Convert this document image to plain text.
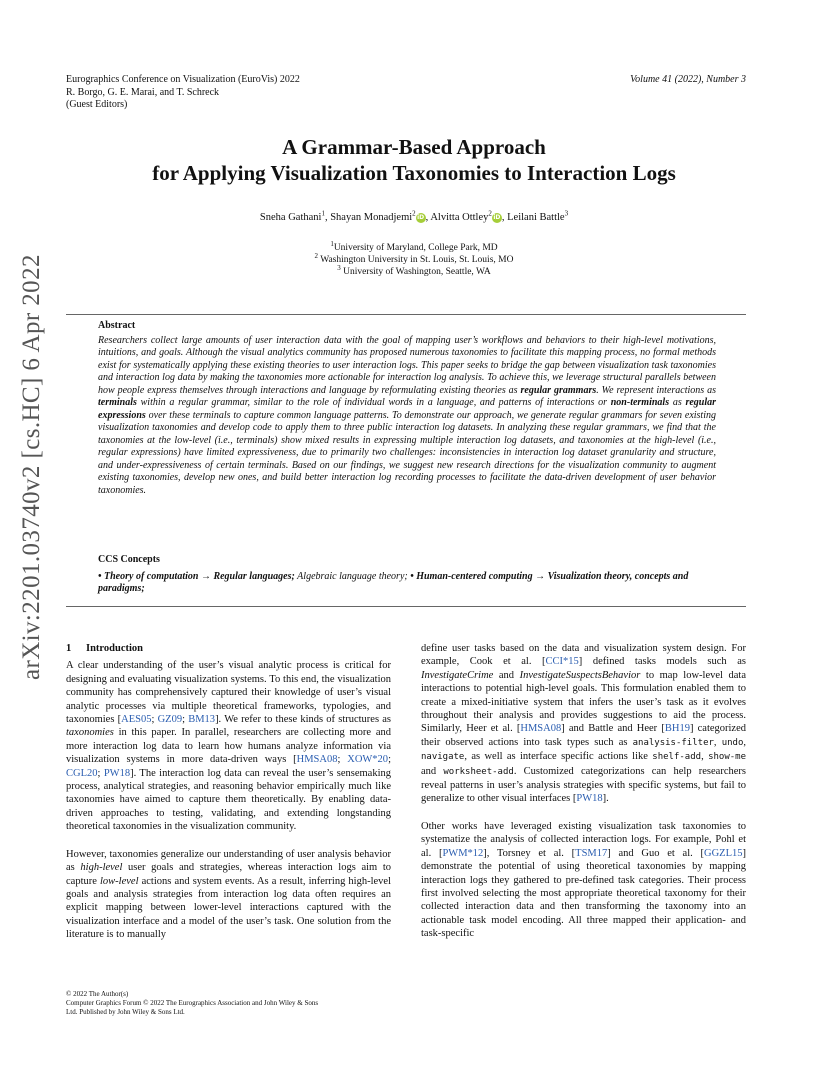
Eurographics Conference on Visualization (EuroVis) 2022
R. Borgo, G. E. Marai, and T. Schreck
(Guest Editors)
Volume 41 (2022), Number 3
A Grammar-Based Approach
for Applying Visualization Taxonomies to Interaction Logs
Sneha Gathani$^1$, Shayan Monadjemi$^2$iD, Alvitta Ottley$^2$iD, Leilani Battle$^3$
$^1$University of Maryland, College Park, MD
$^2$ Washington University in St. Louis, St. Louis, MO
$^3$ University of Washington, Seattle, WA
arXiv:2201.03740v2 [cs.HC] 6 Apr 2022	Abstract

Researchers collect large amounts of user interaction data with the goal of mapping user’s workflows and behaviors to their high-level motivations, intuitions, and goals. Although the visual analytics community has proposed numerous taxonomies to facilitate this mapping process, no formal methods exist for systematically applying these existing theories to user interaction logs. This paper seeks to bridge the gap between visualization task taxonomies and interaction log data by making the taxonomies more actionable for interaction log analysis. To achieve this, we leverage structural parallels between how people express themselves through interactions and language by reformulating existing theories as regular grammars. We represent interactions as terminals within a regular grammar, similar to the role of individual words in a language, and patterns of interactions or non-terminals as regular expressions over these terminals to capture common language patterns. To demonstrate our approach, we generate regular grammars for seven existing visualization taxonomies and develop code to apply them to three public interaction log datasets. In analyzing these regular grammars, we find that the taxonomies at the low-level (i.e., terminals) show mixed results in expressing multiple interaction log datasets, and taxonomies at the high-level (i.e., regular expressions) have limited expressiveness, due to primarily two challenges: inconsistencies in interaction log dataset granularity and structure, and under-expressiveness of certain terminals. Based on our findings, we suggest new research directions for the visualization community to augment existing taxonomies, develop new ones, and build better interaction log recording processes to facilitate the data-driven development of user behavior taxonomies.

CCS Concepts

• Theory of computation → Regular languages; Algebraic language theory; • Human-centered computing → Visualization theory, concepts and paradigms;

1 Introduction

A clear understanding of the user’s visual analytic process is critical for designing and evaluating visualization systems. To this end, the visualization community has comprehensively captured their knowledge of user’s visual analytic processes via multiple theoretical frameworks, typologies, and taxonomies [AES05; GZ09; BM13]. We refer to these kinds of structures as taxonomies in this paper. In parallel, researchers are collecting more and more interaction log data to learn how humans analyze information via visualization systems in more data-driven ways [HMSA08; XOW*20; CGL20; PW18]. The interaction log data can reveal the user’s sensemaking process, analytical strategies, and reasoning behavior empirically much like taxonomies have aimed to capture them theoretically. By enabling data-driven approaches to testing, validating, and extending longstanding theoretical taxonomies in the visualization community.

However, taxonomies generalize our understanding of user analysis behavior as high-level user goals and strategies, whereas interaction logs aim to capture low-level actions and system events. As a result, inferring high-level goals and analysis strategies from interaction log data often requires an explicit mapping between lower-level interactions captured with the visualization interface and a model of the user’s task. One solution from the literature is to manually

define user tasks based on the data and visualization system design. For example, Cook et al. [CCI*15] defined tasks models such as InvestigateCrime and InvestigateSuspectsBehavior to map low-level data interactions to potential high-level goals. This formulation enabled them to create a mixed-initiative system that infers the user’s task as it evolves throughout their analysis and provides suggestions to aid the process. Similarly, Heer et al. [HMSA08] and Battle and Heer [BH19] categorized their observed actions into task types such as analysis-filter, undo, navigate, as well as interface specific actions like shelf-add, show-me and worksheet-add. Customized categorizations can help researchers reveal patterns in user’s analysis strategies with specific systems, but fail to generalize to other visual interfaces [PW18].

Other works have leveraged existing visualization task taxonomies to systematize the analysis of collected interaction logs. For example, Pohl et al. [PWM*12], Torsney et al. [TSM17] and Guo et al. [GGZL15] demonstrate the potential of using theoretical taxonomies by mapping interaction logs they gathered to pre-defined task categories. Their process first involved selecting the most appropriate theoretical taxonomy for their collected interaction data and then transforming the taxonomy into an actionable task model encoding. All three mapped their application- and task-specific

© 2022 The Author(s)
Computer Graphics Forum © 2022 The Eurographics Association and John Wiley & Sons Ltd. Published by John Wiley & Sons Ltd.
